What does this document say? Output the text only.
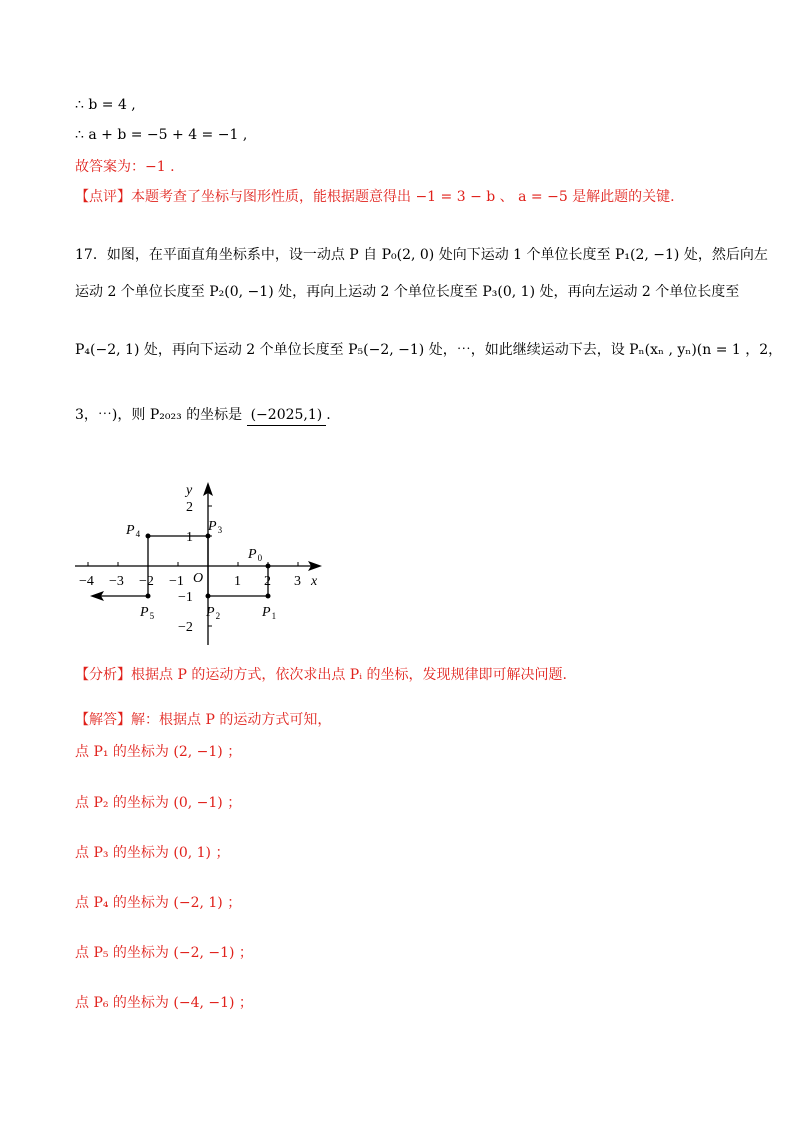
∴ b = 4 ,
∴ a + b = −5 + 4 = −1 ,
故答案为：−1 .
【点评】本题考查了坐标与图形性质，能根据题意得出 −1 = 3 − b 、 a = −5 是解此题的关键.
17．如图，在平面直角坐标系中，设一动点 P 自 P₀(2, 0) 处向下运动 1 个单位长度至 P₁(2, −1) 处，然后向左
运动 2 个单位长度至 P₂(0, −1) 处，再向上运动 2 个单位长度至 P₃(0, 1) 处，再向左运动 2 个单位长度至
P₄(−2, 1) 处，再向下运动 2 个单位长度至 P₅(−2, −1) 处，⋯，如此继续运动下去，设 Pₙ(xₙ , yₙ)(n = 1 ，2，
3，⋯)，则 P₂₀₂₃ 的坐标是 (−2025,1) .
x
y
O
−4 −3 −2 −1	1 2 3
2
1
−1
−2
$P_0$
$P_1$
$P_2$
$P_3$
$P_4$
$P_5$
【分析】根据点 P 的运动方式，依次求出点 Pᵢ 的坐标，发现规律即可解决问题.
【解答】解：根据点 P 的运动方式可知，
点 P₁ 的坐标为 (2, −1) ；
点 P₂ 的坐标为 (0, −1) ；
点 P₃ 的坐标为 (0, 1) ；
点 P₄ 的坐标为 (−2, 1) ；
点 P₅ 的坐标为 (−2, −1) ；
点 P₆ 的坐标为 (−4, −1) ；
